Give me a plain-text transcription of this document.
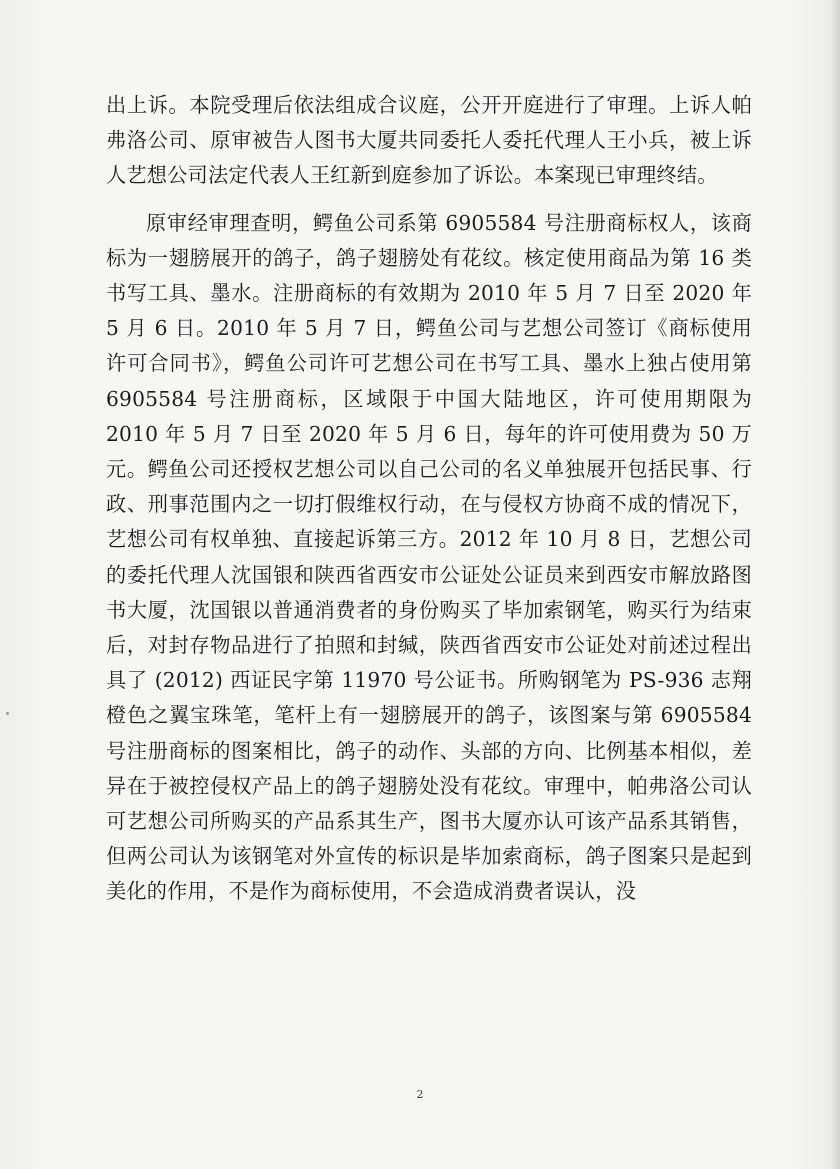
出上诉。本院受理后依法组成合议庭，公开开庭进行了审理。上诉人帕弗洛公司、原审被告人图书大厦共同委托人委托代理人王小兵，被上诉人艺想公司法定代表人王红新到庭参加了诉讼。本案现已审理终结。

原审经审理查明，鳄鱼公司系第 6905584 号注册商标权人，该商标为一翅膀展开的鸽子，鸽子翅膀处有花纹。核定使用商品为第 16 类书写工具、墨水。注册商标的有效期为 2010 年 5 月 7 日至 2020 年 5 月 6 日。2010 年 5 月 7 日，鳄鱼公司与艺想公司签订《商标使用许可合同书》，鳄鱼公司许可艺想公司在书写工具、墨水上独占使用第 6905584 号注册商标，区域限于中国大陆地区，许可使用期限为 2010 年 5 月 7 日至 2020 年 5 月 6 日，每年的许可使用费为 50 万元。鳄鱼公司还授权艺想公司以自己公司的名义单独展开包括民事、行政、刑事范围内之一切打假维权行动，在与侵权方协商不成的情况下，艺想公司有权单独、直接起诉第三方。2012 年 10 月 8 日，艺想公司的委托代理人沈国银和陕西省西安市公证处公证员来到西安市解放路图书大厦，沈国银以普通消费者的身份购买了毕加索钢笔，购买行为结束后，对封存物品进行了拍照和封缄，陕西省西安市公证处对前述过程出具了 (2012) 西证民字第 11970 号公证书。所购钢笔为 PS-936 志翔橙色之翼宝珠笔，笔杆上有一翅膀展开的鸽子，该图案与第 6905584 号注册商标的图案相比，鸽子的动作、头部的方向、比例基本相似，差异在于被控侵权产品上的鸽子翅膀处没有花纹。审理中，帕弗洛公司认可艺想公司所购买的产品系其生产，图书大厦亦认可该产品系其销售，但两公司认为该钢笔对外宣传的标识是毕加索商标，鸽子图案只是起到美化的作用，不是作为商标使用，不会造成消费者误认，没

2
